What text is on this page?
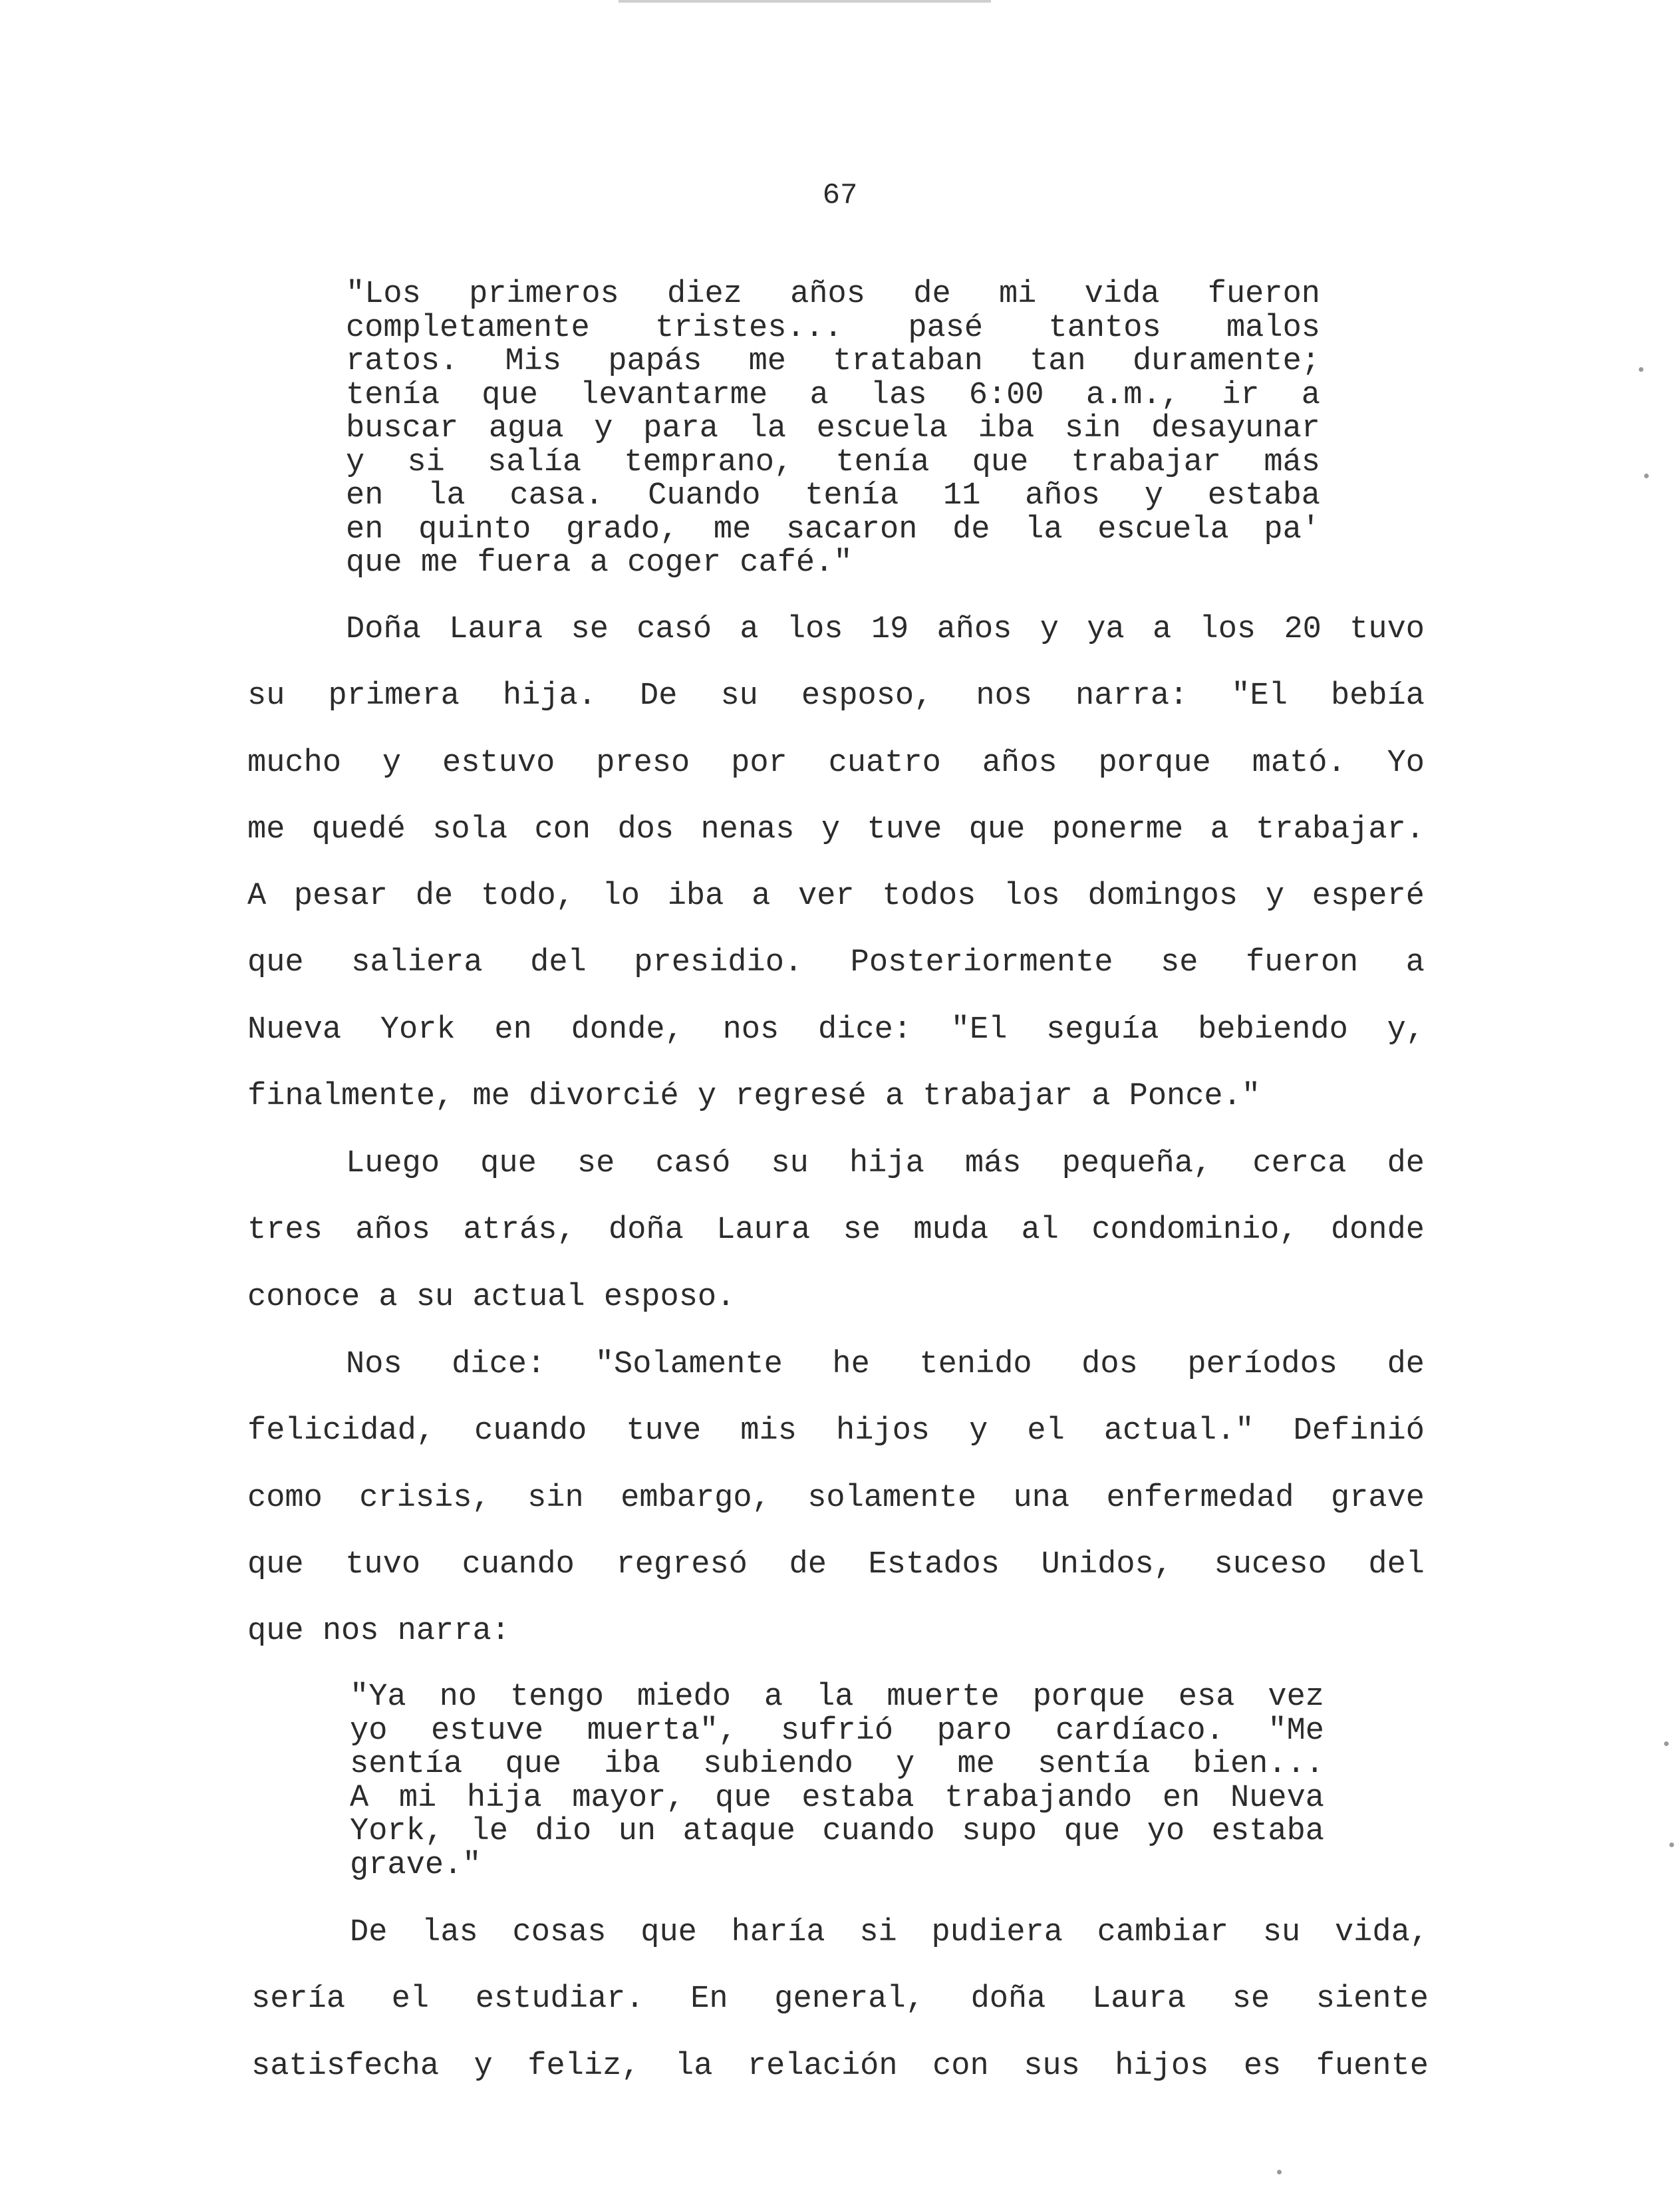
67
"Los primeros diez años de mi vida fueron
completamente tristes... pasé tantos malos
ratos. Mis papás me trataban tan duramente;
tenía que levantarme a las 6:00 a.m., ir a
buscar agua y para la escuela iba sin desayunar
y si salía temprano, tenía que trabajar más
en la casa. Cuando tenía 11 años y estaba
en quinto grado, me sacaron de la escuela pa'
que me fuera a coger café."
Doña Laura se casó a los 19 años y ya a los 20 tuvo
su primera hija. De su esposo, nos narra: "El bebía
mucho y estuvo preso por cuatro años porque mató. Yo
me quedé sola con dos nenas y tuve que ponerme a trabajar.
A pesar de todo, lo iba a ver todos los domingos y esperé
que saliera del presidio. Posteriormente se fueron a
Nueva York en donde, nos dice: "El seguía bebiendo y,
finalmente, me divorcié y regresé a trabajar a Ponce."
Luego que se casó su hija más pequeña, cerca de
tres años atrás, doña Laura se muda al condominio, donde
conoce a su actual esposo.
Nos dice: "Solamente he tenido dos períodos de
felicidad, cuando tuve mis hijos y el actual." Definió
como crisis, sin embargo, solamente una enfermedad grave
que tuvo cuando regresó de Estados Unidos, suceso del
que nos narra:
"Ya no tengo miedo a la muerte porque esa vez
yo estuve muerta", sufrió paro cardíaco. "Me
sentía que iba subiendo y me sentía bien...
A mi hija mayor, que estaba trabajando en Nueva
York, le dio un ataque cuando supo que yo estaba
grave."
De las cosas que haría si pudiera cambiar su vida,
sería el estudiar. En general, doña Laura se siente
satisfecha y feliz, la relación con sus hijos es fuente
